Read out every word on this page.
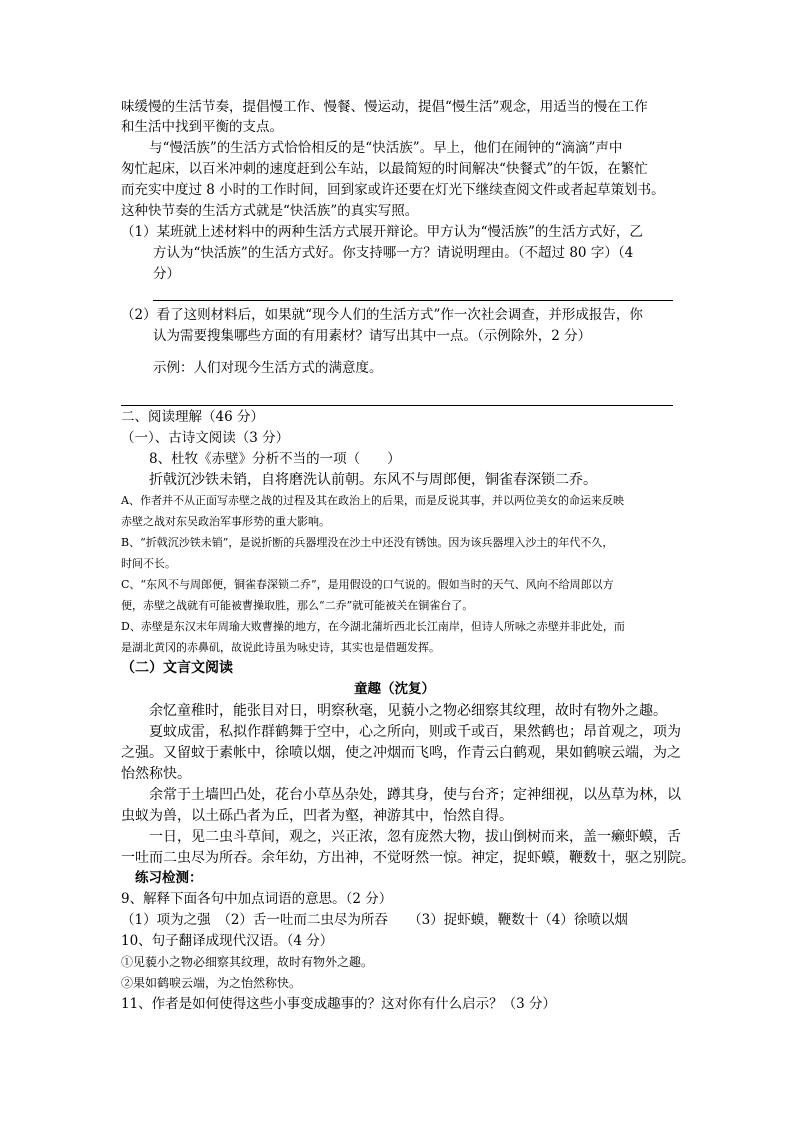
味缓慢的生活节奏，提倡慢工作、慢餐、慢运动，提倡“慢生活”观念，用适当的慢在工作
和生活中找到平衡的支点。
与“慢活族”的生活方式恰恰相反的是“快活族”。早上，他们在闹钟的“滴滴”声中
匆忙起床，以百米冲刺的速度赶到公车站，以最简短的时间解决“快餐式”的午饭，在繁忙
而充实中度过 8 小时的工作时间，回到家或许还要在灯光下继续查阅文件或者起草策划书。
这种快节奏的生活方式就是“快活族”的真实写照。
（1）某班就上述材料中的两种生活方式展开辩论。甲方认为“慢活族”的生活方式好，乙
方认为“快活族”的生活方式好。你支持哪一方？请说明理由。（不超过 80 字）（4
分）
（2）看了这则材料后，如果就“现今人们的生活方式”作一次社会调查，并形成报告，你
认为需要搜集哪些方面的有用素材？请写出其中一点。（示例除外，2 分）
示例：人们对现今生活方式的满意度。
二、阅读理解（46 分）
（一）、古诗文阅读（3 分）
8、杜牧《赤壁》分析不当的一项（　　）
折戟沉沙铁未销，自将磨洗认前朝。东风不与周郎便，铜雀春深锁二乔。
A、作者并不从正面写赤壁之战的过程及其在政治上的后果，而是反说其事，并以两位美女的命运来反映
赤壁之战对东吴政治军事形势的重大影响。
B、“折戟沉沙铁未销”，是说折断的兵器埋没在沙土中还没有锈蚀。因为该兵器埋入沙土的年代不久，
时间不长。
C、“东风不与周郎便，铜雀春深锁二乔”，是用假设的口气说的。假如当时的天气、风向不给周郎以方
便，赤壁之战就有可能被曹操取胜，那么“二乔”就可能被关在铜雀台了。
D、赤壁是东汉末年周瑜大败曹操的地方，在今湖北蒲圻西北长江南岸，但诗人所咏之赤壁并非此处，而
是湖北黄冈的赤鼻矶，故说此诗虽为咏史诗，其实也是借题发挥。
（二）文言文阅读
童趣（沈复）
余忆童稚时，能张目对日，明察秋毫，见藐小之物必细察其纹理，故时有物外之趣。
夏蚊成雷，私拟作群鹤舞于空中，心之所向，则或千或百，果然鹤也；昂首观之，项为
之强。又留蚊于素帐中，徐喷以烟，使之冲烟而飞鸣，作青云白鹤观，果如鹤唳云端，为之
怡然称快。
余常于土墙凹凸处，花台小草丛杂处，蹲其身，使与台齐；定神细视，以丛草为林，以
虫蚁为兽，以土砾凸者为丘，凹者为壑，神游其中，怡然自得。
一日，见二虫斗草间，观之，兴正浓，忽有庞然大物，拔山倒树而来，盖一癞虾蟆，舌
一吐而二虫尽为所吞。余年幼，方出神，不觉呀然一惊。神定，捉虾蟆，鞭数十，驱之别院。
练习检测：
9、解释下面各句中加点词语的意思。（2 分）
（1）项为之强　（2）舌一吐而二虫尽为所吞　　（3）捉虾蟆，鞭数十（4）徐喷以烟
10、句子翻译成现代汉语。（4 分）
①见藐小之物必细察其纹理，故时有物外之趣。
②果如鹤唳云端，为之怡然称快。
11、作者是如何使得这些小事变成趣事的？这对你有什么启示？（3 分）
